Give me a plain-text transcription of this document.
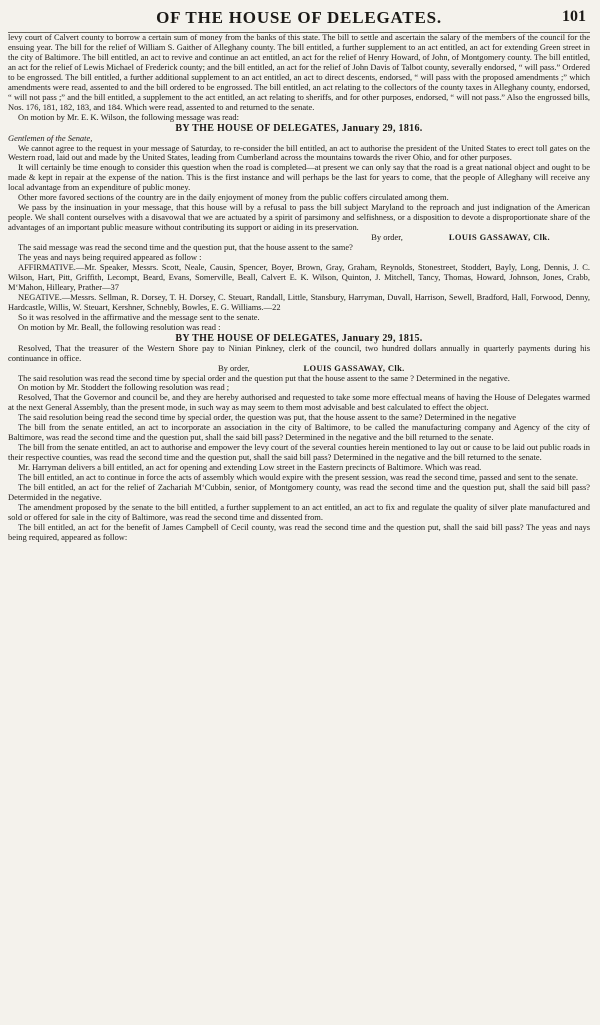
OF THE HOUSE OF DELEGATES.	101

levy court of Calvert county to borrow a certain sum of money from the banks of this state. The bill to settle and ascertain the salary of the members of the council for the ensuing year. The bill for the relief of William S. Gaither of Alleghany county. The bill entitled, a further supplement to an act entitled, an act for extending Green street in the city of Baltimore. The bill entitled, an act to revive and continue an act entitled, an act for the relief of Henry Howard, of John, of Montgomery county. The bill entitled, an act for the relief of Lewis Michael of Frederick county; and the bill entitled, an act for the relief of John Davis of Talbot county, severally endorsed, “ will pass.” Ordered to be engrossed. The bill entitled, a further additional supplement to an act entitled, an act to direct descents, endorsed, “ will pass with the proposed amendments ;” which amendments were read, assented to and the bill ordered to be engrossed. The bill entitled, an act relating to the collectors of the county taxes in Alleghany county, endorsed, “ will not pass ;” and the bill entitled, a supplement to the act entitled, an act relating to sheriffs, and for other purposes, endorsed, “ will not pass.” Also the engrossed bills, Nos. 176, 181, 182, 183, and 184. Which were read, assented to and returned to the senate.

On motion by Mr. E. K. Wilson, the following message was read:

BY THE HOUSE OF DELEGATES, January 29, 1816.

Gentlemen of the Senate,

We cannot agree to the request in your message of Saturday, to re-consider the bill entitled, an act to authorise the president of the United States to erect toll gates on the Western road, laid out and made by the United States, leading from Cumberland across the mountains towards the river Ohio, and for other purposes.

It will certainly be time enough to consider this question when the road is completed—at present we can only say that the road is a great national object and ought to be made & kept in repair at the expense of the nation. This is the first instance and will perhaps be the last for years to come, that the people of Alleghany will receive any local advantage from an expenditure of public money.

Other more favored sections of the country are in the daily enjoyment of money from the public coffers circulated among them.

We pass by the insinuation in your message, that this house will by a refusal to pass the bill subject Maryland to the reproach and just indignation of the American people. We shall content ourselves with a disavowal that we are actuated by a spirit of parsimony and selfishness, or a disposition to devote a disproportionate share of the advantages of an important public measure without contributing its support or aiding in its preservation.

By order,	LOUIS GASSAWAY, Clk.

The said message was read the second time and the question put, that the house assent to the same?

The yeas and nays being required appeared as follow :

AFFIRMATIVE.—Mr. Speaker, Messrs. Scott, Neale, Causin, Spencer, Boyer, Brown, Gray, Graham, Reynolds, Stonestreet, Stoddert, Bayly, Long, Dennis, J. C. Wilson, Hart, Pitt, Griffith, Lecompt, Beard, Evans, Somerville, Beall, Calvert E. K. Wilson, Quinton, J. Mitchell, Tancy, Thomas, Howard, Johnson, Jones, Crabb, M‘Mahon, Hilleary, Prather—37

NEGATIVE.—Messrs. Sellman, R. Dorsey, T. H. Dorsey, C. Steuart, Randall, Little, Stansbury, Harryman, Duvall, Harrison, Sewell, Bradford, Hall, Forwood, Denny, Hardcastle, Willis, W. Steuart, Kershner, Schnebly, Bowles, E. G. Williams.—22

So it was resolved in the affirmative and the message sent to the senate.

On motion by Mr. Beall, the following resolution was read :

BY THE HOUSE OF DELEGATES, January 29, 1815.

Resolved, That the treasurer of the Western Shore pay to Ninian Pinkney, clerk of the council, two hundred dollars annually in quarterly payments during his continuance in office.

By order,	LOUIS GASSAWAY, Clk.

The said resolution was read the second time by special order and the question put that the house assent to the same ? Determined in the negative.

On motion by Mr. Stoddert the following resolution was read ;

Resolved, That the Governor and council be, and they are hereby authorised and requested to take some more effectual means of having the House of Delegates warmed at the next General Assembly, than the present mode, in such way as may seem to them most advisable and best calculated to effect the object.

The said resolution being read the second time by special order, the question was put, that the house assent to the same? Determined in the negative

The bill from the senate entitled, an act to incorporate an association in the city of Baltimore, to be called the manufacturing company and Agency of the city of Baltimore, was read the second time and the question put, shall the said bill pass? Determined in the negative and the bill returned to the senate.

The bill from the senate entitled, an act to authorise and empower the levy court of the several counties herein mentioned to lay out or cause to be laid out public roads in their respective counties, was read the second time and the question put, shall the said bill pass? Determined in the negative and the bill returned to the senate.

Mr. Harryman delivers a bill entitled, an act for opening and extending Low street in the Eastern precincts of Baltimore. Which was read.

The bill entitled, an act to continue in force the acts of assembly which would expire with the present session, was read the second time, passed and sent to the senate.

The bill entitled, an act for the relief of Zachariah M‘Cubbin, senior, of Montgomery county, was read the second time and the question put, shall the said bill pass? Determided in the negative.

The amendment proposed by the senate to the bill entitled, a further supplement to an act entitled, an act to fix and regulate the quality of silver plate manufactured and sold or offered for sale in the city of Baltimore, was read the second time and dissented from.

The bill entitled, an act for the benefit of James Campbell of Cecil county, was read the second time and the question put, shall the said bill pass? The yeas and nays being required, appeared as follow:
